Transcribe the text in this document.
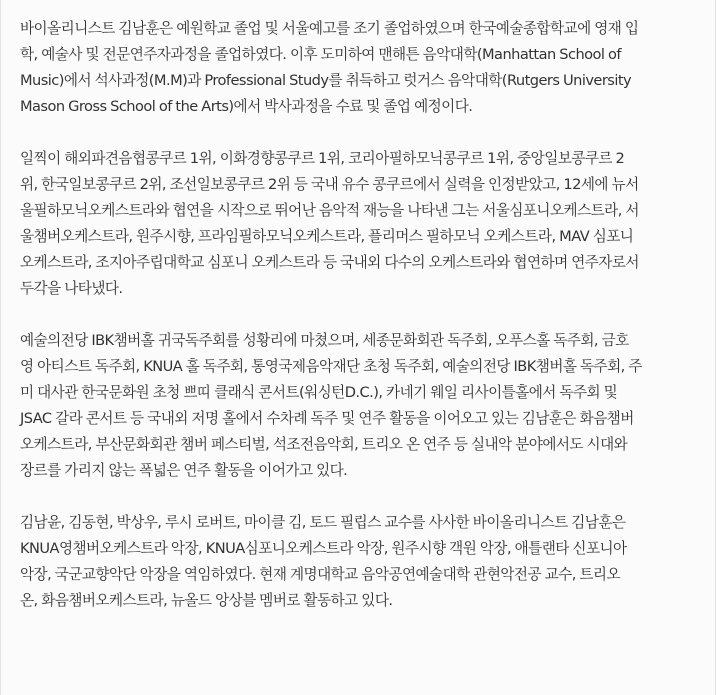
바이올리니스트 김남훈은 예원학교 졸업 및 서울예고를 조기 졸업하였으며 한국예술종합학교에 영재 입
학, 예술사 및 전문연주자과정을 졸업하였다. 이후 도미하여 맨해튼 음악대학(Manhattan School of
Music)에서 석사과정(M.M)과 Professional Study를 취득하고 럿거스 음악대학(Rutgers University
Mason Gross School of the Arts)에서 박사과정을 수료 및 졸업 예정이다.
일찍이 해외파견음협콩쿠르 1위, 이화경향콩쿠르 1위, 코리아필하모닉콩쿠르 1위, 중앙일보콩쿠르 2
위, 한국일보콩쿠르 2위, 조선일보콩쿠르 2위 등 국내 유수 콩쿠르에서 실력을 인정받았고, 12세에 뉴서
울필하모닉오케스트라와 협연을 시작으로 뛰어난 음악적 재능을 나타낸 그는 서울심포니오케스트라, 서
울챔버오케스트라, 원주시향, 프라임필하모닉오케스트라, 플리머스 필하모닉 오케스트라, MAV 심포니
오케스트라, 조지아주립대학교 심포니 오케스트라 등 국내외 다수의 오케스트라와 협연하며 연주자로서
두각을 나타냈다.
예술의전당 IBK챔버홀 귀국독주회를 성황리에 마쳤으며, 세종문화회관 독주회, 오푸스홀 독주회, 금호
영 아티스트 독주회, KNUA 홀 독주회, 통영국제음악재단 초청 독주회, 예술의전당 IBK챔버홀 독주회, 주
미 대사관 한국문화원 초청 쁘띠 클래식 콘서트(워싱턴D.C.), 카네기 웨일 리사이틀홀에서 독주회 및
JSAC 갈라 콘서트 등 국내외 저명 홀에서 수차례 독주 및 연주 활동을 이어오고 있는 김남훈은 화음챔버
오케스트라, 부산문화회관 챔버 페스티벌, 석조전음악회, 트리오 온 연주 등 실내악 분야에서도 시대와
장르를 가리지 않는 폭넓은 연주 활동을 이어가고 있다.
김남윤, 김동현, 박상우, 루시 로버트, 마이클 김, 토드 필립스 교수를 사사한 바이올리니스트 김남훈은
KNUA영챔버오케스트라 악장, KNUA심포니오케스트라 악장, 원주시향 객원 악장, 애틀랜타 신포니아
악장, 국군교향악단 악장을 역임하였다. 현재 계명대학교 음악공연예술대학 관현악전공 교수, 트리오
온, 화음챔버오케스트라, 뉴올드 앙상블 멤버로 활동하고 있다.
